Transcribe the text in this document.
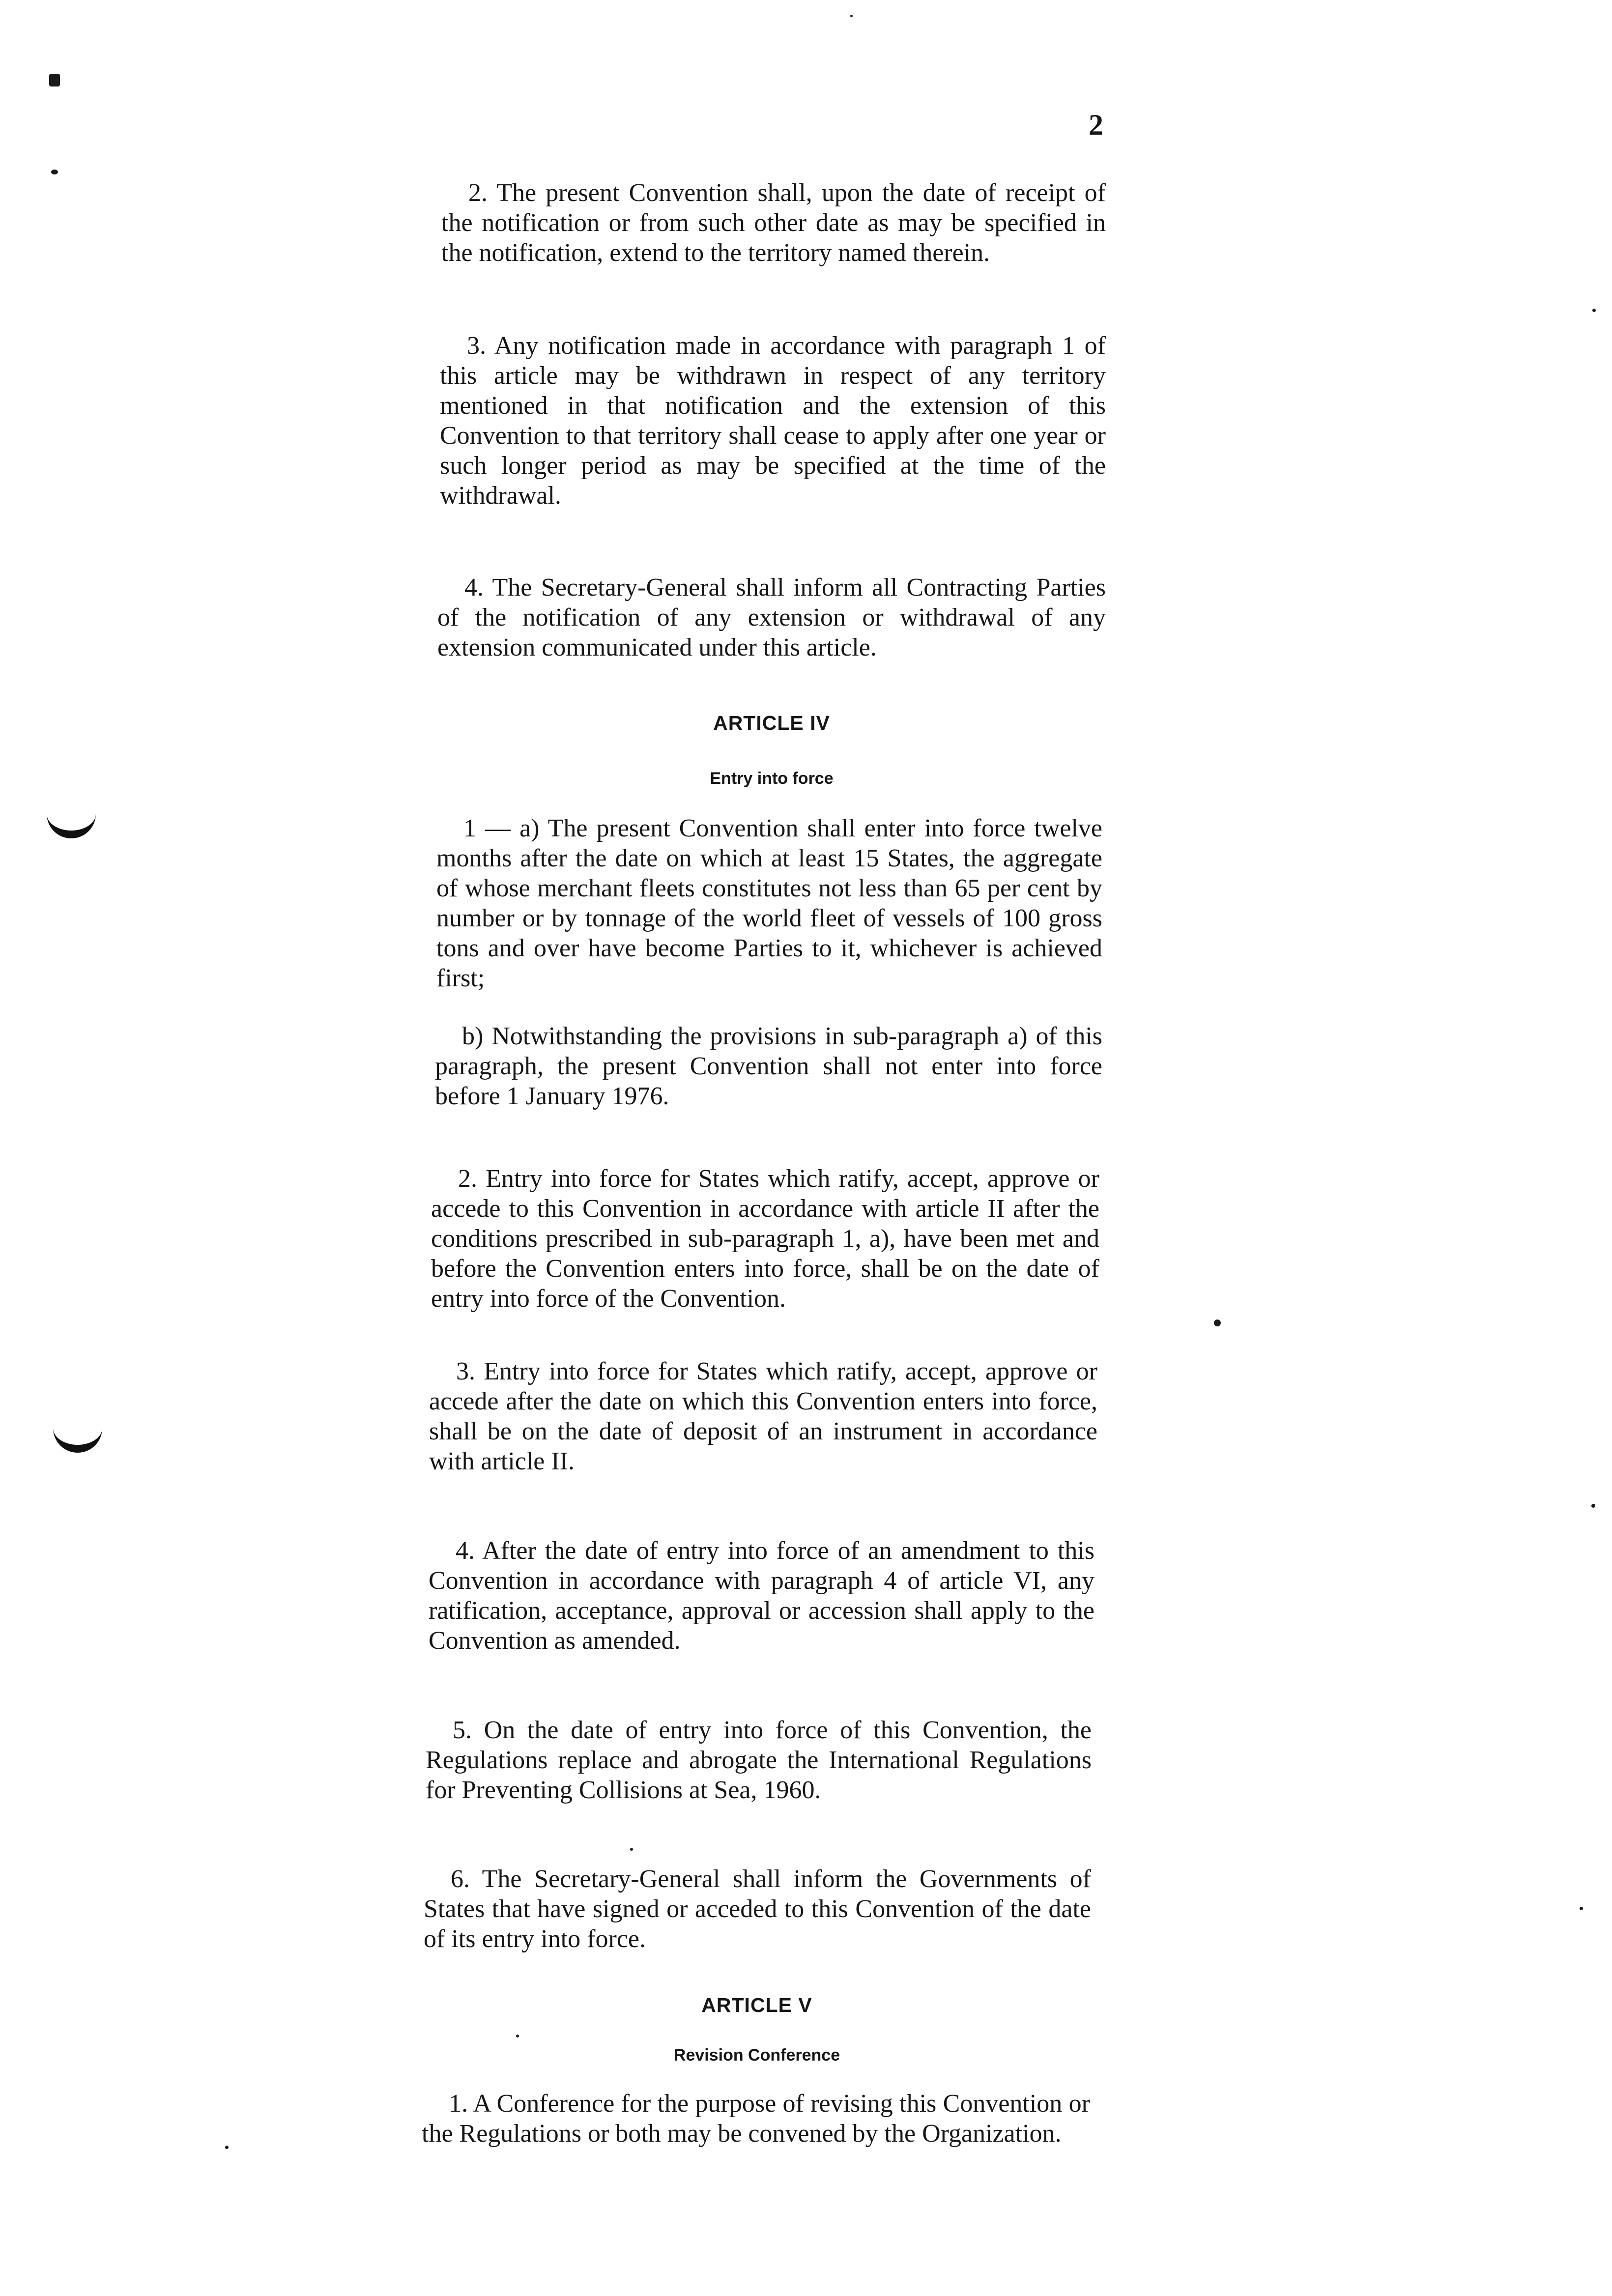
2

2. The present Convention shall, upon the date of receipt of the notification or from such other date as may be specified in the notification, extend to the territory named therein.

3. Any notification made in accordance with paragraph 1 of this article may be withdrawn in respect of any territory mentioned in that notification and the extension of this Convention to that territory shall cease to apply after one year or such longer period as may be specified at the time of the withdrawal.

4. The Secretary-General shall inform all Contracting Parties of the notification of any extension or withdrawal of any extension communicated under this article.

ARTICLE IV
Entry into force

1 — a) The present Convention shall enter into force twelve months after the date on which at least 15 States, the aggregate of whose merchant fleets constitutes not less than 65 per cent by number or by tonnage of the world fleet of vessels of 100 gross tons and over have become Parties to it, whichever is achieved first;

b) Notwithstanding the provisions in sub-paragraph a) of this paragraph, the present Convention shall not enter into force before 1 January 1976.

2. Entry into force for States which ratify, accept, approve or accede to this Convention in accordance with article II after the conditions prescribed in sub-paragraph 1, a), have been met and before the Convention enters into force, shall be on the date of entry into force of the Convention.

3. Entry into force for States which ratify, accept, approve or accede after the date on which this Convention enters into force, shall be on the date of deposit of an instrument in accordance with article II.

4. After the date of entry into force of an amendment to this Convention in accordance with paragraph 4 of article VI, any ratification, acceptance, approval or accession shall apply to the Convention as amended.

5. On the date of entry into force of this Convention, the Regulations replace and abrogate the International Regulations for Preventing Collisions at Sea, 1960.

6. The Secretary-General shall inform the Governments of States that have signed or acceded to this Convention of the date of its entry into force.

ARTICLE V
Revision Conference

1. A Conference for the purpose of revising this Convention or the Regulations or both may be convened by the Organization.
